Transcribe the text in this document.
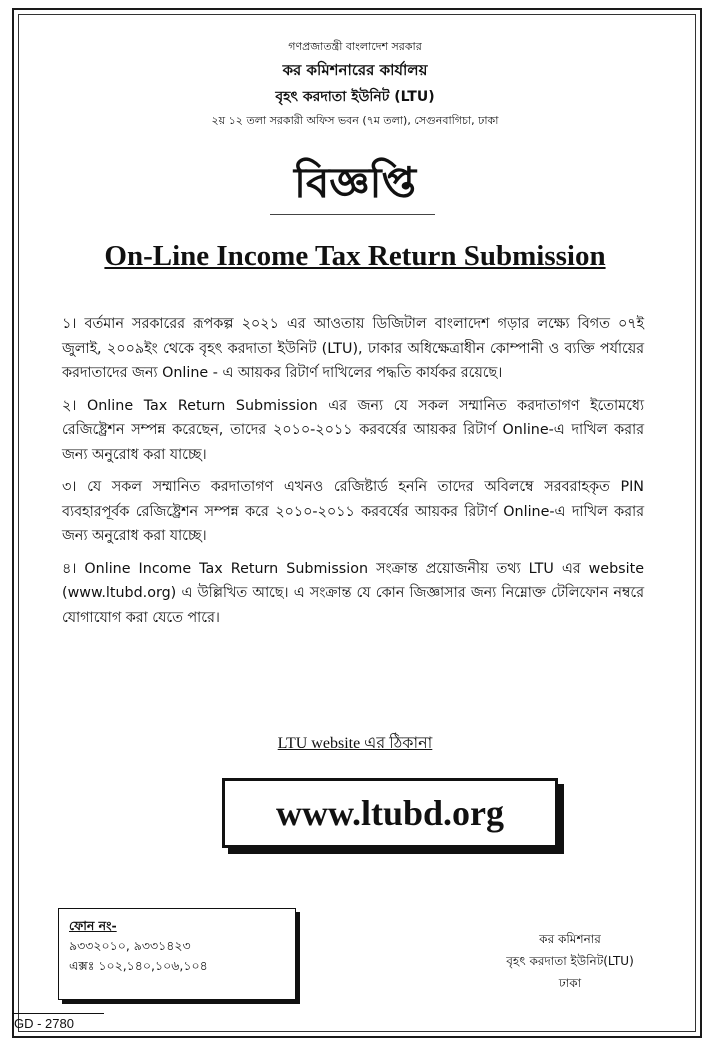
গণপ্রজাতন্ত্রী বাংলাদেশ সরকার
কর কমিশনারের কার্যালয়
বৃহৎ করদাতা ইউনিট (LTU)
২য় ১২ তলা সরকারী অফিস ভবন (৭ম তলা), সেগুনবাগিচা, ঢাকা
বিজ্ঞপ্তি
On-Line Income Tax Return Submission

১। বর্তমান সরকারের রূপকল্প ২০২১ এর আওতায় ডিজিটাল বাংলাদেশ গড়ার লক্ষ্যে বিগত ০৭ই জুলাই, ২০০৯ইং থেকে বৃহৎ করদাতা ইউনিট (LTU), ঢাকার অধিক্ষেত্রাধীন কোম্পানী ও ব্যক্তি পর্যায়ের করদাতাদের জন্য Online - এ আয়কর রিটার্ণ দাখিলের পদ্ধতি কার্যকর রয়েছে।

২। Online Tax Return Submission এর জন্য যে সকল সম্মানিত করদাতাগণ ইতোমধ্যে রেজিষ্ট্রেশন সম্পন্ন করেছেন, তাদের ২০১০-২০১১ করবর্ষের আয়কর রিটার্ণ Online-এ দাখিল করার জন্য অনুরোধ করা যাচ্ছে।

৩। যে সকল সম্মানিত করদাতাগণ এখনও রেজিষ্টার্ড হননি তাদের অবিলম্বে সরবরাহকৃত PIN ব্যবহারপূর্বক রেজিষ্ট্রেশন সম্পন্ন করে ২০১০-২০১১ করবর্ষের আয়কর রিটার্ণ Online-এ দাখিল করার জন্য অনুরোধ করা যাচ্ছে।

৪। Online Income Tax Return Submission সংক্রান্ত প্রয়োজনীয় তথ্য LTU এর website (www.ltubd.org) এ উল্লিখিত আছে। এ সংক্রান্ত যে কোন জিজ্ঞাসার জন্য নিম্নোক্ত টেলিফোন নম্বরে যোগাযোগ করা যেতে পারে।

LTU website এর ঠিকানা
www.ltubd.org
ফোন নং-
৯৩৩২০১০, ৯৩৩১৪২৩
এক্সঃ ১০২,১৪০,১০৬,১০৪
কর কমিশনার
বৃহৎ করদাতা ইউনিট(LTU)
ঢাকা
GD - 2780
